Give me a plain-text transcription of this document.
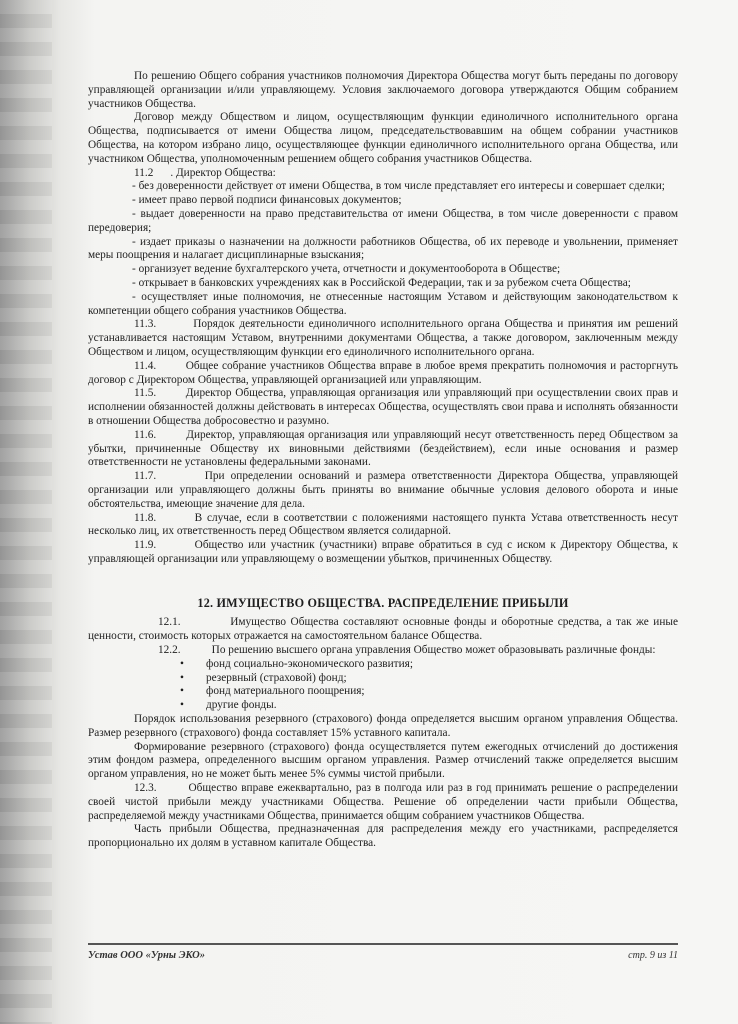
По решению Общего собрания участников полномочия Директора Общества могут быть переданы по договору управляющей организации и/или управляющему. Условия заключаемого договора утверждаются Общим собранием участников Общества.

Договор между Обществом и лицом, осуществляющим функции единоличного исполнительного органа Общества, подписывается от имени Общества лицом, председательствовавшим на общем собрании участников Общества, на котором избрано лицо, осуществляющее функции единоличного исполнительного органа Общества, или участником Общества, уполномоченным решением общего собрания участников Общества.

11.2 . Директор Общества:

- без доверенности действует от имени Общества, в том числе представляет его интересы и совершает сделки;

- имеет право первой подписи финансовых документов;

- выдает доверенности на право представительства от имени Общества, в том числе доверенности с правом передоверия;

- издает приказы о назначении на должности работников Общества, об их переводе и увольнении, применяет меры поощрения и налагает дисциплинарные взыскания;

- организует ведение бухгалтерского учета, отчетности и документооборота в Обществе;

- открывает в банковских учреждениях как в Российской Федерации, так и за рубежом счета Общества;

- осуществляет иные полномочия, не отнесенные настоящим Уставом и действующим законодательством к компетенции общего собрания участников Общества.

11.3.	Порядок деятельности единоличного исполнительного органа Общества и принятия им решений устанавливается настоящим Уставом, внутренними документами Общества, а также договором, заключенным между Обществом и лицом, осуществляющим функции его единоличного исполнительного органа.

11.4.	Общее собрание участников Общества вправе в любое время прекратить полномочия и расторгнуть договор с Директором Общества, управляющей организацией или управляющим.

11.5.	Директор Общества, управляющая организация или управляющий при осуществлении своих прав и исполнении обязанностей должны действовать в интересах Общества, осуществлять свои права и исполнять обязанности в отношении Общества добросовестно и разумно.

11.6.	Директор, управляющая организация или управляющий несут ответственность перед Обществом за убытки, причиненные Обществу их виновными действиями (бездействием), если иные основания и размер ответственности не установлены федеральными законами.

11.7.	При определении оснований и размера ответственности Директора Общества, управляющей организации или управляющего должны быть приняты во внимание обычные условия делового оборота и иные обстоятельства, имеющие значение для дела.

11.8.	В случае, если в соответствии с положениями настоящего пункта Устава ответственность несут несколько лиц, их ответственность перед Обществом является солидарной.

11.9.	Общество или участник (участники) вправе обратиться в суд с иском к Директору Общества, к управляющей организации или управляющему о возмещении убытков, причиненных Обществу.

12. ИМУЩЕСТВО ОБЩЕСТВА. РАСПРЕДЕЛЕНИЕ ПРИБЫЛИ

12.1.	Имущество Общества составляют основные фонды и оборотные средства, а так же иные ценности, стоимость которых отражается на самостоятельном балансе Общества.

12.2.	По решению высшего органа управления Общество может образовывать различные фонды:

• фонд социально-экономического развития;
• резервный (страховой) фонд;
• фонд материального поощрения;
• другие фонды.

Порядок использования резервного (страхового) фонда определяется высшим органом управления Общества. Размер резервного (страхового) фонда составляет 15% уставного капитала.

Формирование резервного (страхового) фонда осуществляется путем ежегодных отчислений до достижения этим фондом размера, определенного высшим органом управления. Размер отчислений также определяется высшим органом управления, но не может быть менее 5% суммы чистой прибыли.

12.3.	Общество вправе ежеквартально, раз в полгода или раз в год принимать решение о распределении своей чистой прибыли между участниками Общества. Решение об определении части прибыли Общества, распределяемой между участниками Общества, принимается общим собранием участников Общества.

Часть прибыли Общества, предназначенная для распределения между его участниками, распределяется пропорционально их долям в уставном капитале Общества.

Устав ООО «Урны ЭКО»	стр. 9 из 11
